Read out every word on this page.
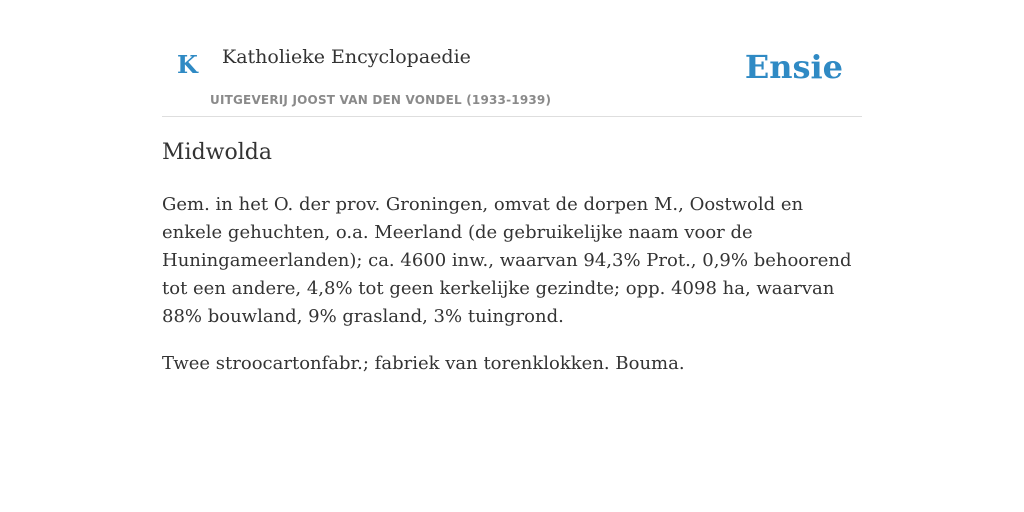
K Katholieke Encyclopaedie
UITGEVERIJ JOOST VAN DEN VONDEL (1933-1939)
Ensie
Midwolda

Gem. in het O. der prov. Groningen, omvat de dorpen M., Oostwold en enkele gehuchten, o.a. Meerland (de gebruikelijke naam voor de Huningameerlanden); ca. 4600 inw., waarvan 94,3% Prot., 0,9% behoorend tot een andere, 4,8% tot geen kerkelijke gezindte; opp. 4098 ha, waarvan 88% bouwland, 9% grasland, 3% tuingrond.

Twee stroocartonfabr.; fabriek van torenklokken. Bouma.
